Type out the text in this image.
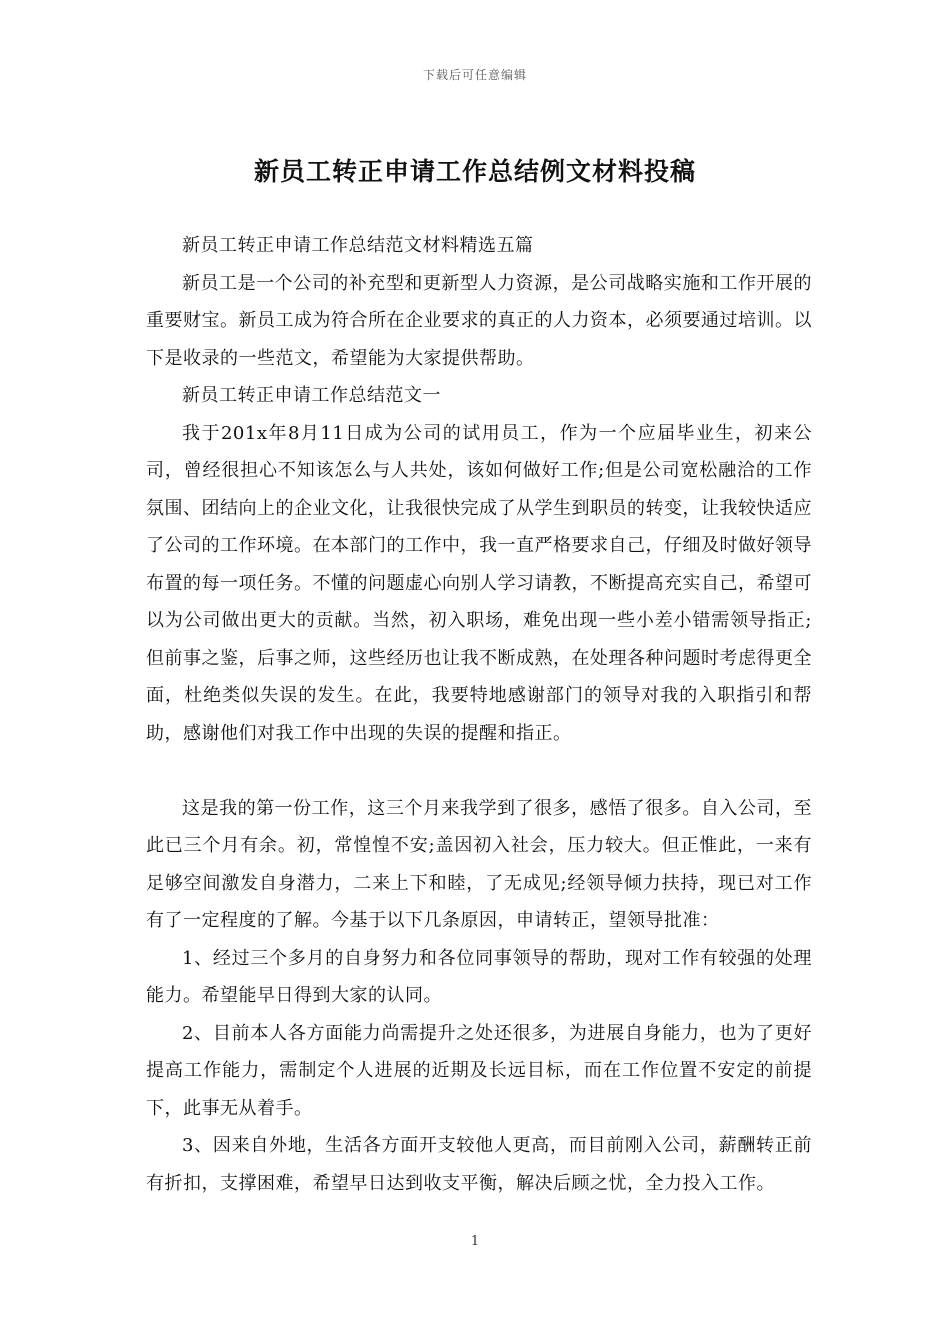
下载后可任意编辑
新员工转正申请工作总结例文材料投稿

新员工转正申请工作总结范文材料精选五篇

新员工是一个公司的补充型和更新型人力资源，是公司战略实施和工作开展的重要财宝。新员工成为符合所在企业要求的真正的人力资本，必须要通过培训。以下是收录的一些范文，希望能为大家提供帮助。

新员工转正申请工作总结范文一

我于201x年8月11日成为公司的试用员工，作为一个应届毕业生，初来公司，曾经很担心不知该怎么与人共处，该如何做好工作;但是公司宽松融洽的工作氛围、团结向上的企业文化，让我很快完成了从学生到职员的转变，让我较快适应了公司的工作环境。在本部门的工作中，我一直严格要求自己，仔细及时做好领导布置的每一项任务。不懂的问题虚心向别人学习请教，不断提高充实自己，希望可以为公司做出更大的贡献。当然，初入职场，难免出现一些小差小错需领导指正;但前事之鉴，后事之师，这些经历也让我不断成熟，在处理各种问题时考虑得更全面，杜绝类似失误的发生。在此，我要特地感谢部门的领导对我的入职指引和帮助，感谢他们对我工作中出现的失误的提醒和指正。

这是我的第一份工作，这三个月来我学到了很多，感悟了很多。自入公司，至此已三个月有余。初，常惶惶不安;盖因初入社会，压力较大。但正惟此，一来有足够空间激发自身潜力，二来上下和睦，了无成见;经领导倾力扶持，现已对工作有了一定程度的了解。今基于以下几条原因，申请转正，望领导批准：

1、经过三个多月的自身努力和各位同事领导的帮助，现对工作有较强的处理能力。希望能早日得到大家的认同。

2、目前本人各方面能力尚需提升之处还很多，为进展自身能力，也为了更好提高工作能力，需制定个人进展的近期及长远目标，而在工作位置不安定的前提下，此事无从着手。

3、因来自外地，生活各方面开支较他人更高，而目前刚入公司，薪酬转正前有折扣，支撑困难，希望早日达到收支平衡，解决后顾之忧，全力投入工作。

1
